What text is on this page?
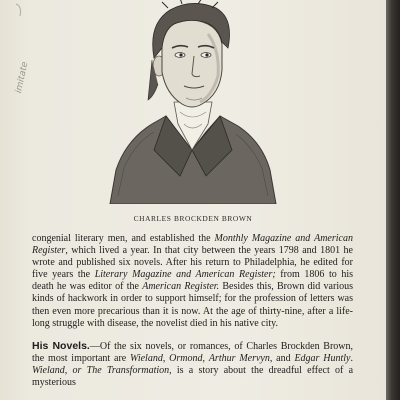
imitate
CHARLES BROCKDEN BROWN

congenial literary men, and established the Monthly Magazine and American Register, which lived a year. In that city between the years 1798 and 1801 he wrote and published six novels. After his return to Philadelphia, he edited for five years the Literary Magazine and American Register; from 1806 to his death he was editor of the American Register. Besides this, Brown did various kinds of hackwork in order to support himself; for the profession of letters was then even more precarious than it is now. At the age of thirty-nine, after a life-long struggle with disease, the novelist died in his native city.

His Novels.—Of the six novels, or romances, of Charles Brockden Brown, the most important are Wieland, Ormond, Arthur Mervyn, and Edgar Huntly. Wieland, or The Transformation, is a story about the dreadful effect of a mysterious
